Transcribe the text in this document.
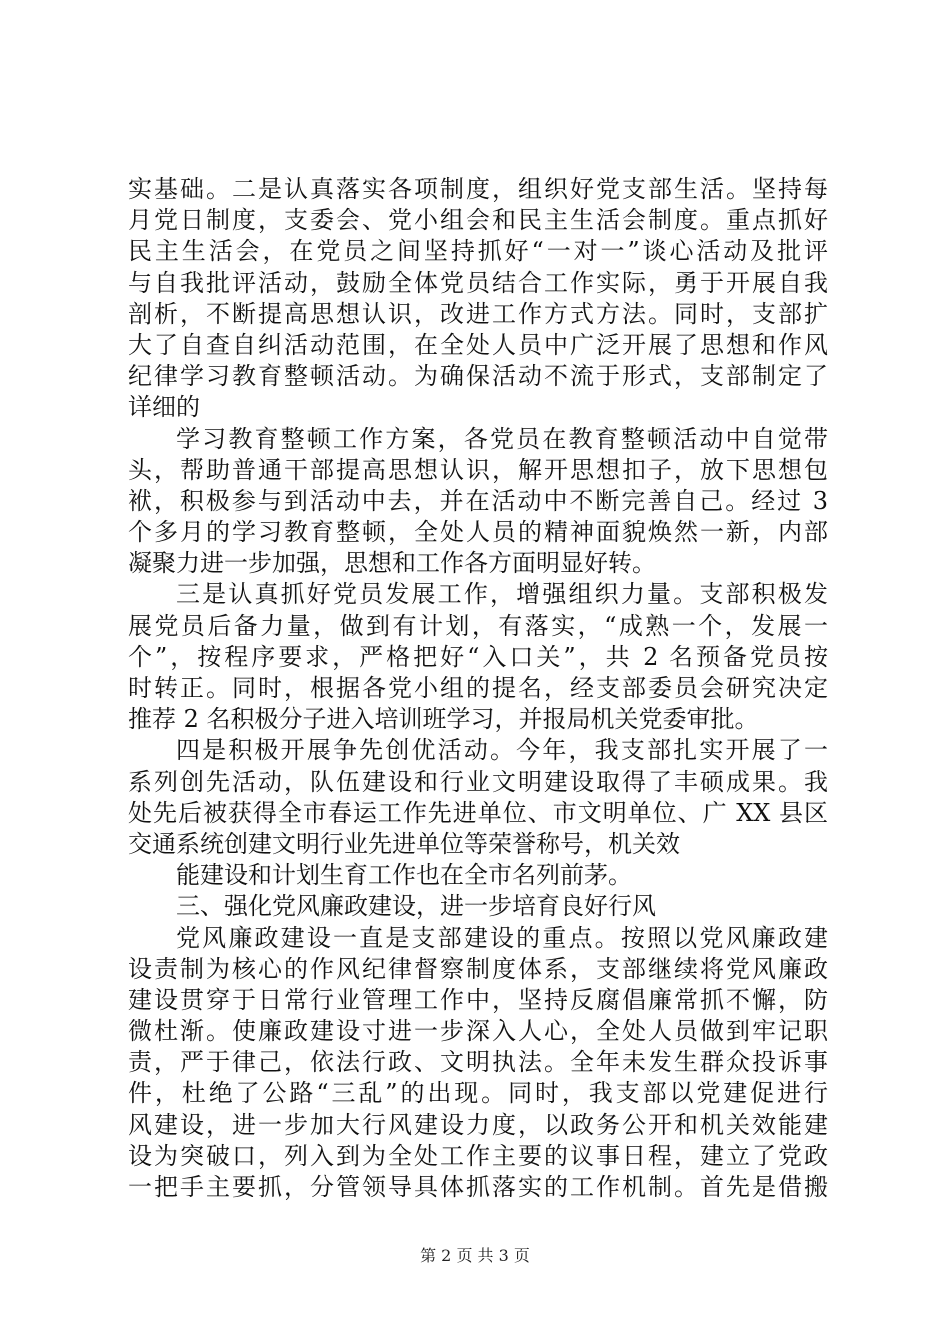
实基础。二是认真落实各项制度，组织好党支部生活。坚持每
月党日制度，支委会、党小组会和民主生活会制度。重点抓好
民主生活会，在党员之间坚持抓好“一对一”谈心活动及批评
与自我批评活动，鼓励全体党员结合工作实际，勇于开展自我
剖析，不断提高思想认识，改进工作方式方法。同时，支部扩
大了自查自纠活动范围，在全处人员中广泛开展了思想和作风
纪律学习教育整顿活动。为确保活动不流于形式，支部制定了
详细的
学习教育整顿工作方案，各党员在教育整顿活动中自觉带
头，帮助普通干部提高思想认识，解开思想扣子，放下思想包
袱，积极参与到活动中去，并在活动中不断完善自己。经过 3
个多月的学习教育整顿，全处人员的精神面貌焕然一新，内部
凝聚力进一步加强，思想和工作各方面明显好转。
三是认真抓好党员发展工作，增强组织力量。支部积极发
展党员后备力量，做到有计划，有落实，“成熟一个，发展一
个”，按程序要求，严格把好“入口关”，共 2 名预备党员按
时转正。同时，根据各党小组的提名，经支部委员会研究决定
推荐 2 名积极分子进入培训班学习，并报局机关党委审批。
四是积极开展争先创优活动。今年，我支部扎实开展了一
系列创先活动，队伍建设和行业文明建设取得了丰硕成果。我
处先后被获得全市春运工作先进单位、市文明单位、广 XX 县区
交通系统创建文明行业先进单位等荣誉称号，机关效
能建设和计划生育工作也在全市名列前茅。
三、强化党风廉政建设，进一步培育良好行风
党风廉政建设一直是支部建设的重点。按照以党风廉政建
设责制为核心的作风纪律督察制度体系，支部继续将党风廉政
建设贯穿于日常行业管理工作中，坚持反腐倡廉常抓不懈，防
微杜渐。使廉政建设寸进一步深入人心，全处人员做到牢记职
责，严于律己，依法行政、文明执法。全年未发生群众投诉事
件，杜绝了公路“三乱”的出现。同时，我支部以党建促进行
风建设，进一步加大行风建设力度，以政务公开和机关效能建
设为突破口，列入到为全处工作主要的议事日程，建立了党政
一把手主要抓，分管领导具体抓落实的工作机制。首先是借搬
第 2 页 共 3 页
